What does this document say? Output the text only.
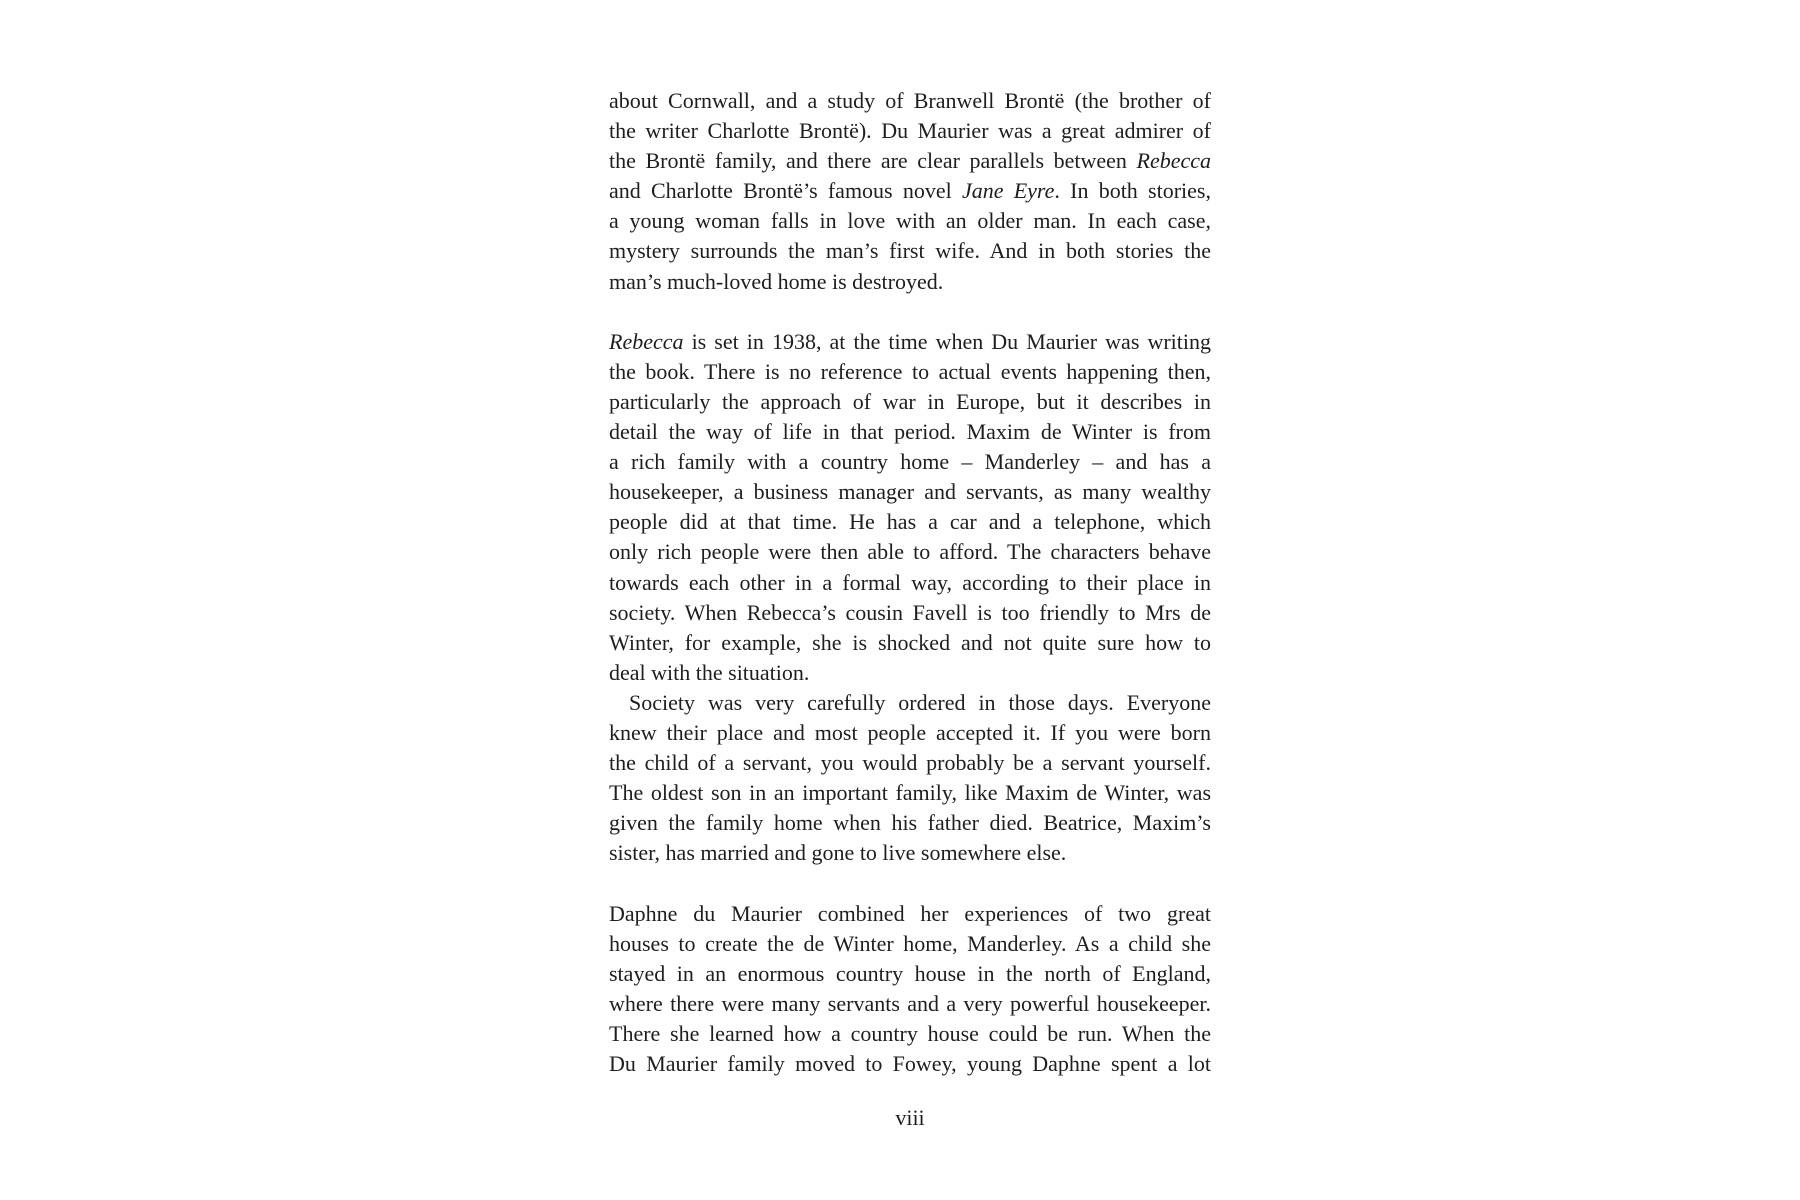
about Cornwall, and a study of Branwell Brontë (the brother of
the writer Charlotte Brontë). Du Maurier was a great admirer of
the Brontë family, and there are clear parallels between Rebecca
and Charlotte Brontë’s famous novel Jane Eyre. In both stories,
a young woman falls in love with an older man. In each case,
mystery surrounds the man’s first wife. And in both stories the
man’s much-loved home is destroyed.
Rebecca is set in 1938, at the time when Du Maurier was writing
the book. There is no reference to actual events happening then,
particularly the approach of war in Europe, but it describes in
detail the way of life in that period. Maxim de Winter is from
a rich family with a country home – Manderley – and has a
housekeeper, a business manager and servants, as many wealthy
people did at that time. He has a car and a telephone, which
only rich people were then able to afford. The characters behave
towards each other in a formal way, according to their place in
society. When Rebecca’s cousin Favell is too friendly to Mrs de
Winter, for example, she is shocked and not quite sure how to
deal with the situation.
Society was very carefully ordered in those days. Everyone
knew their place and most people accepted it. If you were born
the child of a servant, you would probably be a servant yourself.
The oldest son in an important family, like Maxim de Winter, was
given the family home when his father died. Beatrice, Maxim’s
sister, has married and gone to live somewhere else.
Daphne du Maurier combined her experiences of two great
houses to create the de Winter home, Manderley. As a child she
stayed in an enormous country house in the north of England,
where there were many servants and a very powerful housekeeper.
There she learned how a country house could be run. When the
Du Maurier family moved to Fowey, young Daphne spent a lot
viii
